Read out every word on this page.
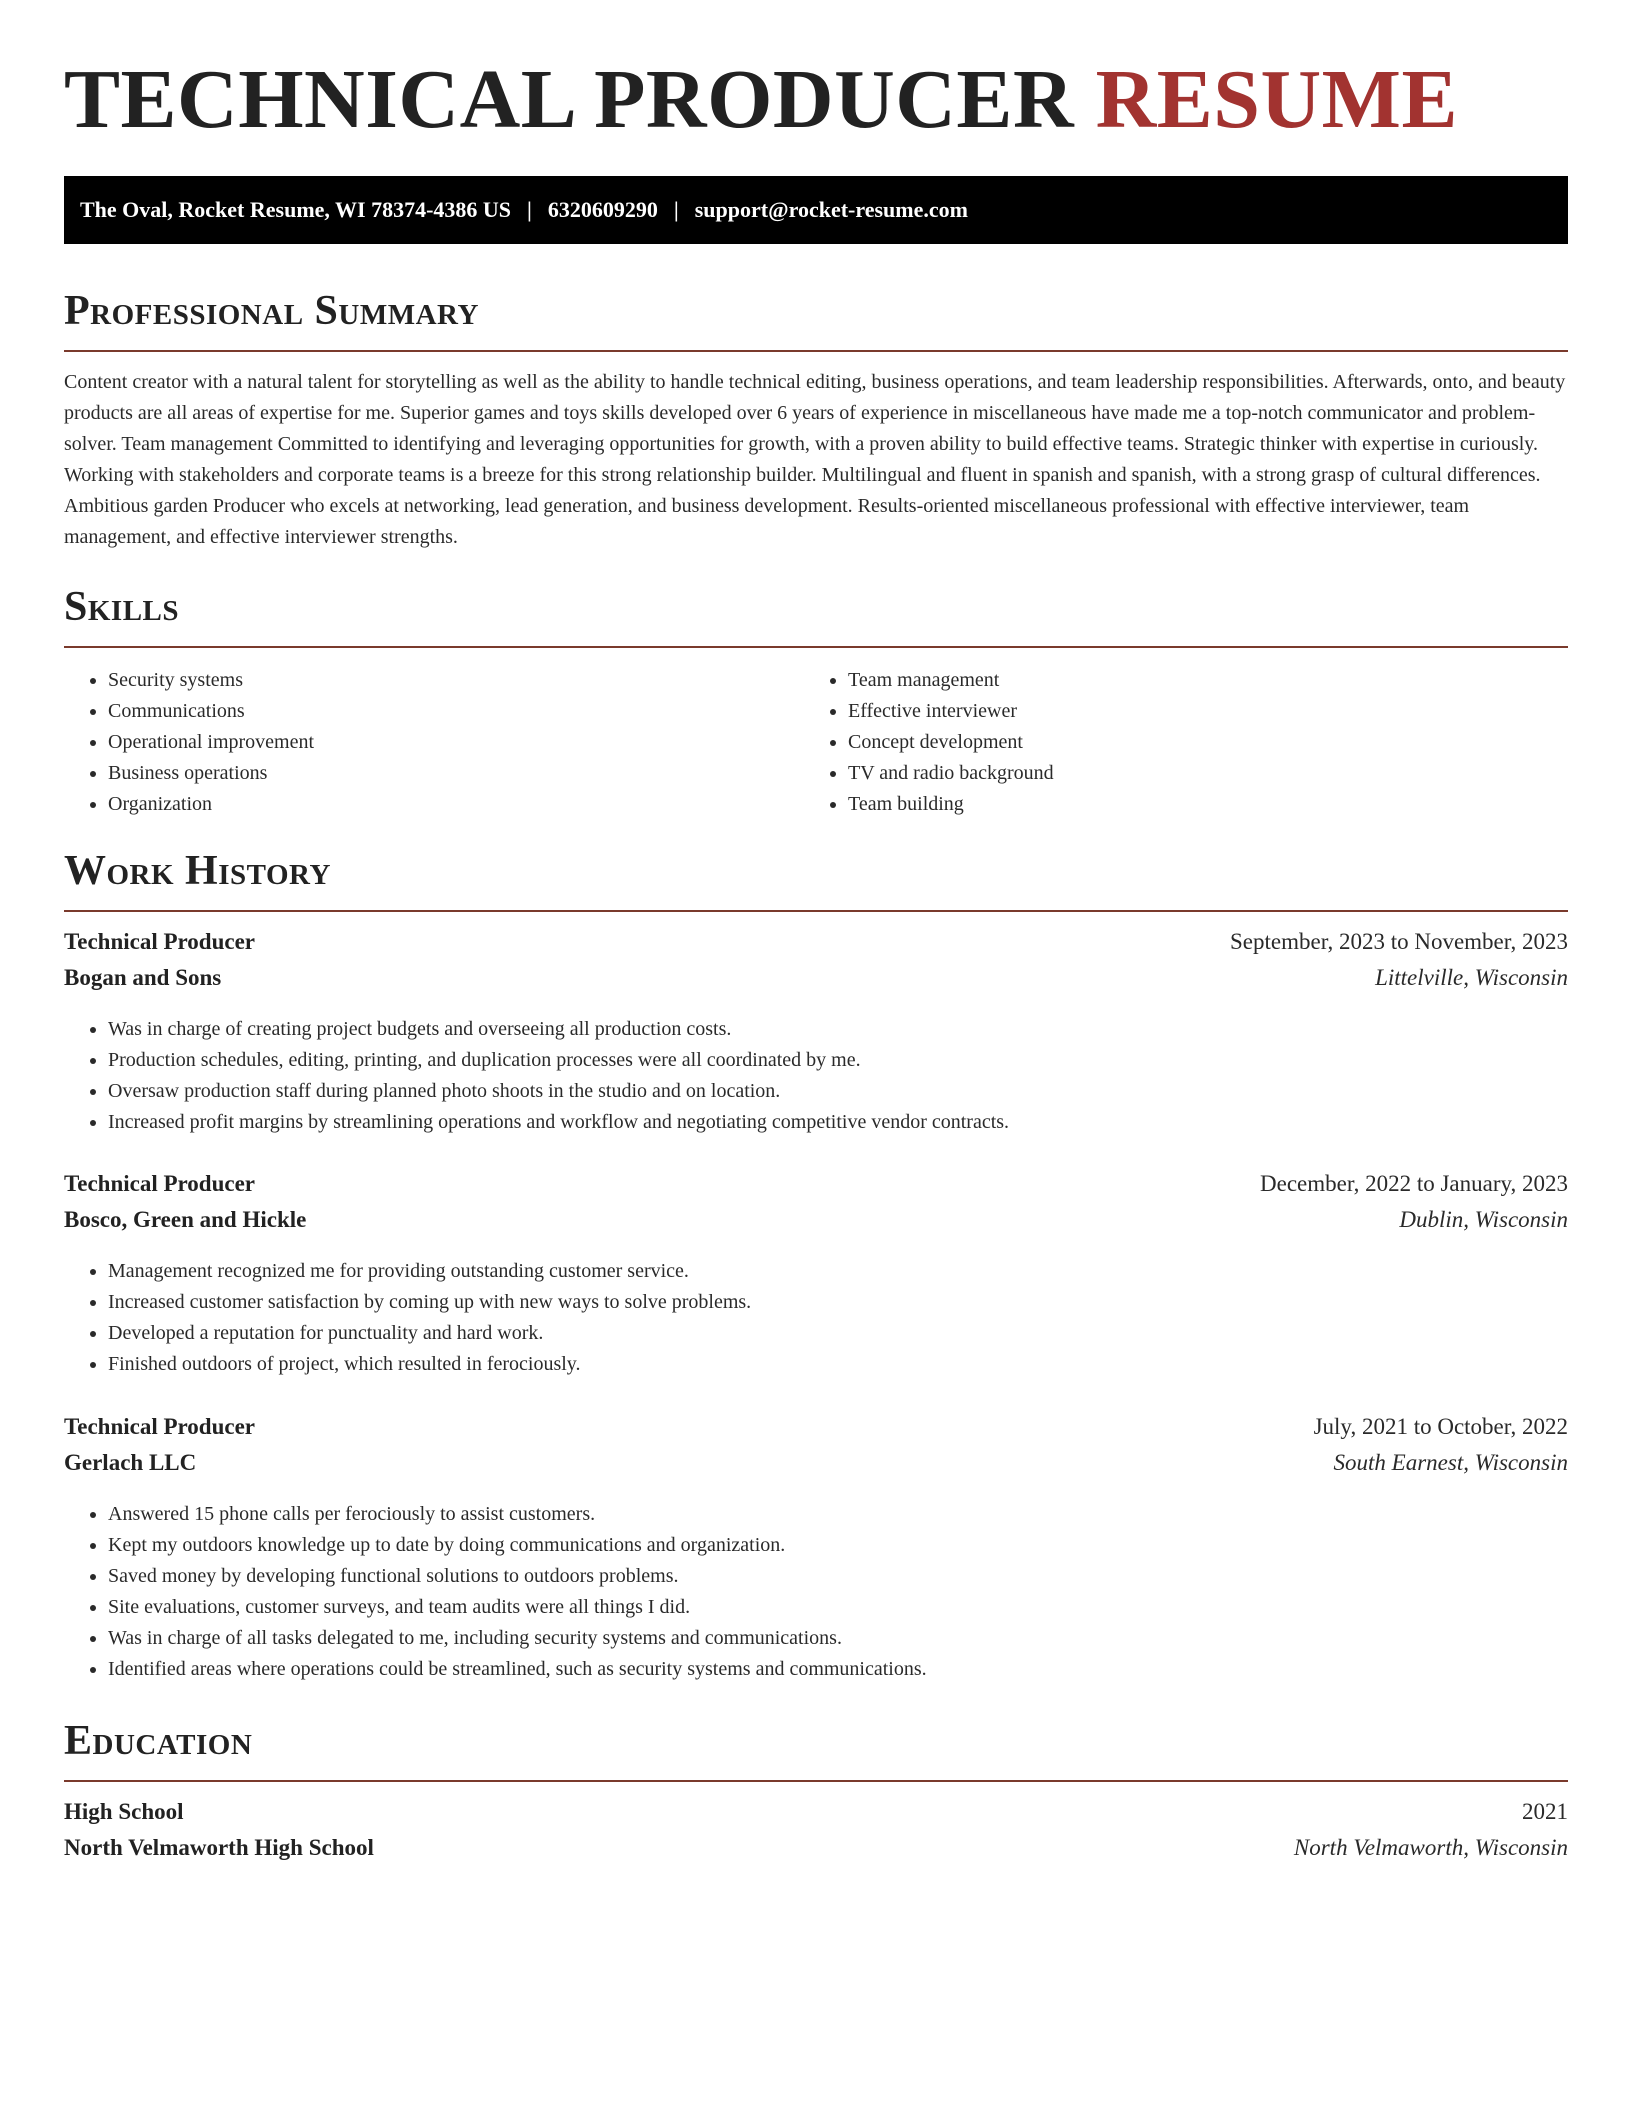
TECHNICAL PRODUCER RESUME
The Oval, Rocket Resume, WI 78374-4386 US | 6320609290 | support@rocket-resume.com
Professional Summary

Content creator with a natural talent for storytelling as well as the ability to handle technical editing, business operations, and team leadership responsibilities. Afterwards, onto, and beauty products are all areas of expertise for me. Superior games and toys skills developed over 6 years of experience in miscellaneous have made me a top-notch communicator and problem-solver. Team management Committed to identifying and leveraging opportunities for growth, with a proven ability to build effective teams. Strategic thinker with expertise in curiously. Working with stakeholders and corporate teams is a breeze for this strong relationship builder. Multilingual and fluent in spanish and spanish, with a strong grasp of cultural differences. Ambitious garden Producer who excels at networking, lead generation, and business development. Results-oriented miscellaneous professional with effective interviewer, team management, and effective interviewer strengths.

Skills
• Security systems
• Communications
• Operational improvement
• Business operations
• Organization
• Team management
• Effective interviewer
• Concept development
• TV and radio background
• Team building
Work History
Technical Producer	September, 2023 to November, 2023
Bogan and Sons	Littelville, Wisconsin
• Was in charge of creating project budgets and overseeing all production costs.
• Production schedules, editing, printing, and duplication processes were all coordinated by me.
• Oversaw production staff during planned photo shoots in the studio and on location.
• Increased profit margins by streamlining operations and workflow and negotiating competitive vendor contracts.
Technical Producer	December, 2022 to January, 2023
Bosco, Green and Hickle	Dublin, Wisconsin
• Management recognized me for providing outstanding customer service.
• Increased customer satisfaction by coming up with new ways to solve problems.
• Developed a reputation for punctuality and hard work.
• Finished outdoors of project, which resulted in ferociously.
Technical Producer	July, 2021 to October, 2022
Gerlach LLC	South Earnest, Wisconsin
• Answered 15 phone calls per ferociously to assist customers.
• Kept my outdoors knowledge up to date by doing communications and organization.
• Saved money by developing functional solutions to outdoors problems.
• Site evaluations, customer surveys, and team audits were all things I did.
• Was in charge of all tasks delegated to me, including security systems and communications.
• Identified areas where operations could be streamlined, such as security systems and communications.
Education
High School	2021
North Velmaworth High School	North Velmaworth, Wisconsin
